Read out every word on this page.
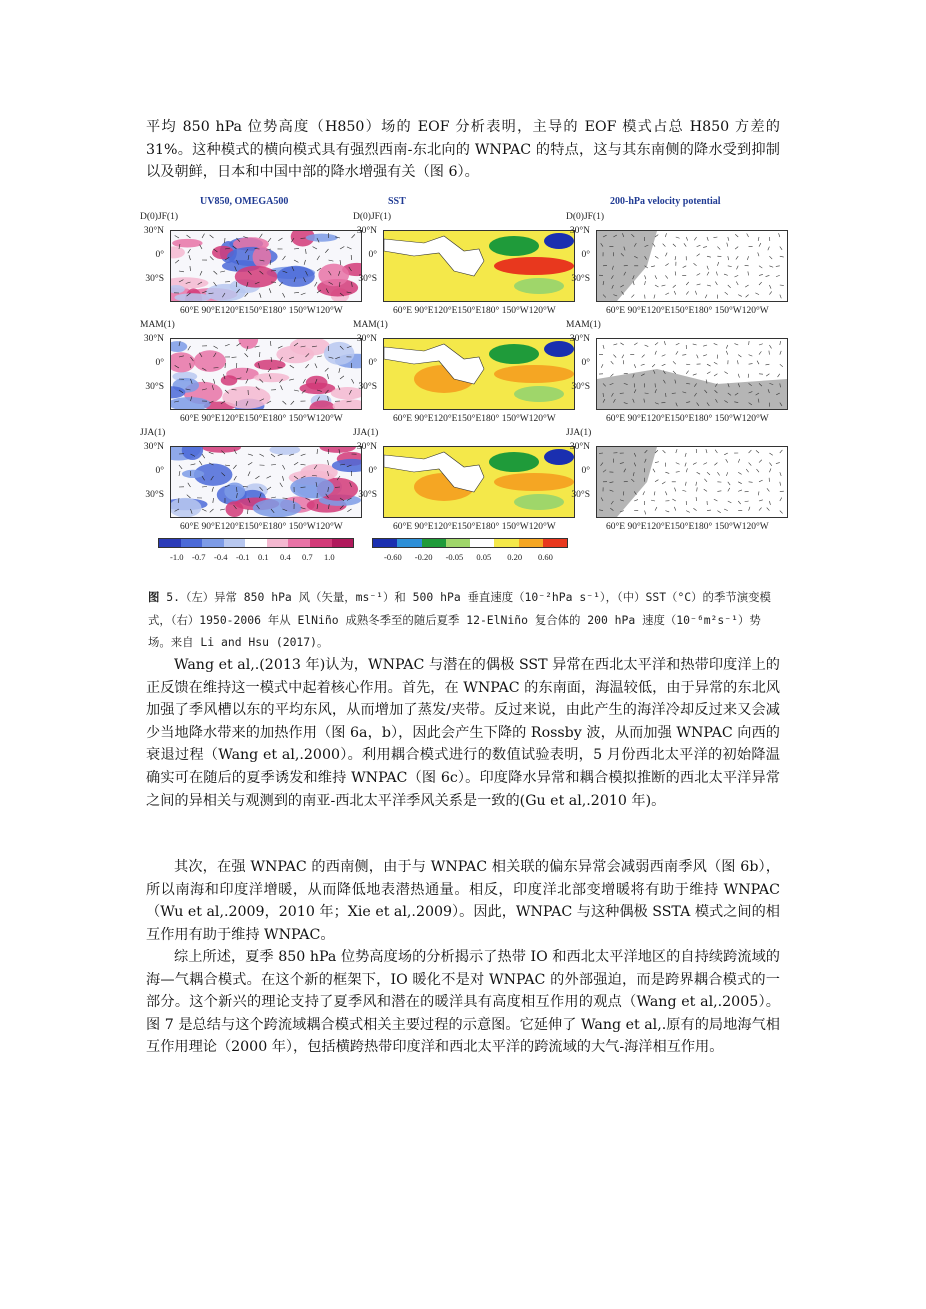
平均 850 hPa 位势高度（H850）场的 EOF 分析表明，主导的 EOF 模式占总 H850 方差的 31%。这种模式的横向模式具有强烈西南-东北向的 WNPAC 的特点，这与其东南侧的降水受到抑制以及朝鲜，日本和中国中部的降水增强有关（图 6）。
UV850, OMEGA500	SST	200-hPa velocity potential
D(0)JF(1)
30°N
0°
30°S
60°E 90°E120°E150°E180° 150°W120°W
D(0)JF(1)
30°N
0°
30°S
60°E 90°E120°E150°E180° 150°W120°W
D(0)JF(1)
30°N
0°
30°S
60°E 90°E120°E150°E180° 150°W120°W
MAM(1)
30°N
0°
30°S
60°E 90°E120°E150°E180° 150°W120°W
MAM(1)
30°N
0°
30°S
60°E 90°E120°E150°E180° 150°W120°W
MAM(1)
30°N
0°
30°S
60°E 90°E120°E150°E180° 150°W120°W
JJA(1)
30°N
0°
30°S
60°E 90°E120°E150°E180° 150°W120°W
JJA(1)
30°N
0°
30°S
60°E 90°E120°E150°E180° 150°W120°W
JJA(1)
30°N
0°
30°S
60°E 90°E120°E150°E180° 150°W120°W
-1.0 -0.7 -0.4 -0.1 0.1 0.4 0.7 1.0	-0.60 -0.20 -0.05 0.05 0.20 0.60
图 5.（左）异常 850 hPa 风（矢量，ms⁻¹）和 500 hPa 垂直速度（10⁻²hPa s⁻¹），（中）SST（°C）的季节演变模式，（右）1950-2006 年从 ElNiño 成熟冬季至的随后夏季 12-ElNiño 复合体的 200 hPa 速度（10⁻⁶m²s⁻¹）势场。来自 Li and Hsu (2017)。
Wang et al,.(2013 年)认为，WNPAC 与潜在的偶极 SST 异常在西北太平洋和热带印度洋上的正反馈在维持这一模式中起着核心作用。首先，在 WNPAC 的东南面，海温较低，由于异常的东北风加强了季风槽以东的平均东风，从而增加了蒸发/夹带。反过来说，由此产生的海洋冷却反过来又会减少当地降水带来的加热作用（图 6a，b），因此会产生下降的 Rossby 波，从而加强 WNPAC 向西的衰退过程（Wang et al,.2000）。利用耦合模式进行的数值试验表明，5 月份西北太平洋的初始降温确实可在随后的夏季诱发和维持 WNPAC（图 6c）。印度降水异常和耦合模拟推断的西北太平洋异常之间的异相关与观测到的南亚-西北太平洋季风关系是一致的(Gu et al,.2010 年)。
其次，在强 WNPAC 的西南侧，由于与 WNPAC 相关联的偏东异常会减弱西南季风（图 6b），所以南海和印度洋增暖，从而降低地表潜热通量。相反，印度洋北部变增暖将有助于维持 WNPAC（Wu et al,.2009，2010 年；Xie et al,.2009）。因此，WNPAC 与这种偶极 SSTA 模式之间的相互作用有助于维持 WNPAC。
综上所述，夏季 850 hPa 位势高度场的分析揭示了热带 IO 和西北太平洋地区的自持续跨流域的海—气耦合模式。在这个新的框架下，IO 暖化不是对 WNPAC 的外部强迫，而是跨界耦合模式的一部分。这个新兴的理论支持了夏季风和潜在的暖洋具有高度相互作用的观点（Wang et al,.2005）。图 7 是总结与这个跨流域耦合模式相关主要过程的示意图。它延伸了 Wang et al,.原有的局地海气相互作用理论（2000 年），包括横跨热带印度洋和西北太平洋的跨流域的大气-海洋相互作用。
